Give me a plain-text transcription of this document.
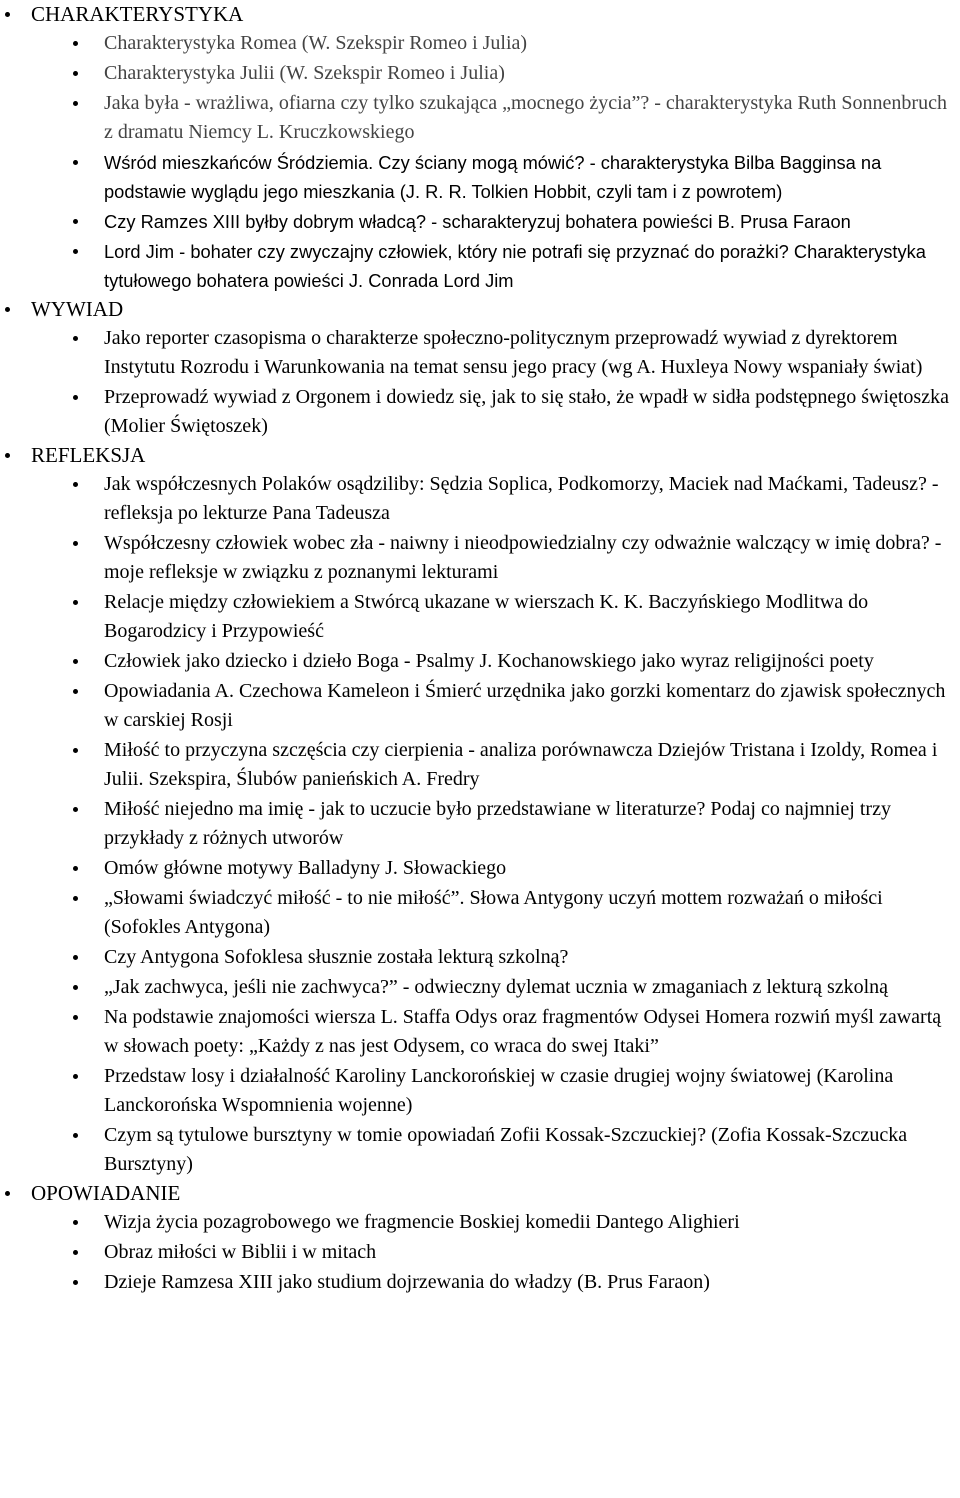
CHARAKTERYSTYKA
Charakterystyka Romea (W. Szekspir Romeo i Julia)
Charakterystyka Julii (W. Szekspir Romeo i Julia)
Jaka była - wrażliwa, ofiarna czy tylko szukająca „mocnego życia”? - charakterystyka Ruth Sonnenbruch z dramatu Niemcy L. Kruczkowskiego
Wśród mieszkańców Śródziemia. Czy ściany mogą mówić? - charakterystyka Bilba Bagginsa na podstawie wyglądu jego mieszkania (J. R. R. Tolkien Hobbit, czyli tam i z powrotem)
Czy Ramzes XIII byłby dobrym władcą? - scharakteryzuj bohatera powieści B. Prusa Faraon
Lord Jim - bohater czy zwyczajny człowiek, który nie potrafi się przyznać do porażki? Charakterystyka tytułowego bohatera powieści J. Conrada Lord Jim
WYWIAD
Jako reporter czasopisma o charakterze społeczno-politycznym przeprowadź wywiad z dyrektorem Instytutu Rozrodu i Warunkowania na temat sensu jego pracy (wg A. Huxleya Nowy wspaniały świat)
Przeprowadź wywiad z Orgonem i dowiedz się, jak to się stało, że wpadł w sidła podstępnego świętoszka (Molier Świętoszek)
REFLEKSJA
Jak współczesnych Polaków osądziliby: Sędzia Soplica, Podkomorzy, Maciek nad Maćkami, Tadeusz? - refleksja po lekturze Pana Tadeusza
Współczesny człowiek wobec zła - naiwny i nieodpowiedzialny czy odważnie walczący w imię dobra? - moje refleksje w związku z poznanymi lekturami
Relacje między człowiekiem a Stwórcą ukazane w wierszach K. K. Baczyńskiego Modlitwa do Bogarodzicy i Przypowieść
Człowiek jako dziecko i dzieło Boga - Psalmy J. Kochanowskiego jako wyraz religijności poety
Opowiadania A. Czechowa Kameleon i Śmierć urzędnika jako gorzki komentarz do zjawisk społecznych w carskiej Rosji
Miłość to przyczyna szczęścia czy cierpienia - analiza porównawcza Dziejów Tristana i Izoldy, Romea i Julii. Szekspira, Ślubów panieńskich A. Fredry
Miłość niejedno ma imię - jak to uczucie było przedstawiane w literaturze? Podaj co najmniej trzy przykłady z różnych utworów
Omów główne motywy Balladyny J. Słowackiego
„Słowami świadczyć miłość - to nie miłość”. Słowa Antygony uczyń mottem rozważań o miłości (Sofokles Antygona)
Czy Antygona Sofoklesa słusznie została lekturą szkolną?
„Jak zachwyca, jeśli nie zachwyca?” - odwieczny dylemat ucznia w zmaganiach z lekturą szkolną
Na podstawie znajomości wiersza L. Staffa Odys oraz fragmentów Odysei Homera rozwiń myśl zawartą w słowach poety: „Każdy z nas jest Odysem, co wraca do swej Itaki”
Przedstaw losy i działalność Karoliny Lanckorońskiej w czasie drugiej wojny światowej (Karolina Lanckorońska Wspomnienia wojenne)
Czym są tytulowe bursztyny w tomie opowiadań Zofii Kossak-Szczuckiej? (Zofia Kossak-Szczucka Bursztyny)
OPOWIADANIE
Wizja życia pozagrobowego we fragmencie Boskiej komedii Dantego Alighieri
Obraz miłości w Biblii i w mitach
Dzieje Ramzesa XIII jako studium dojrzewania do władzy (B. Prus Faraon)
